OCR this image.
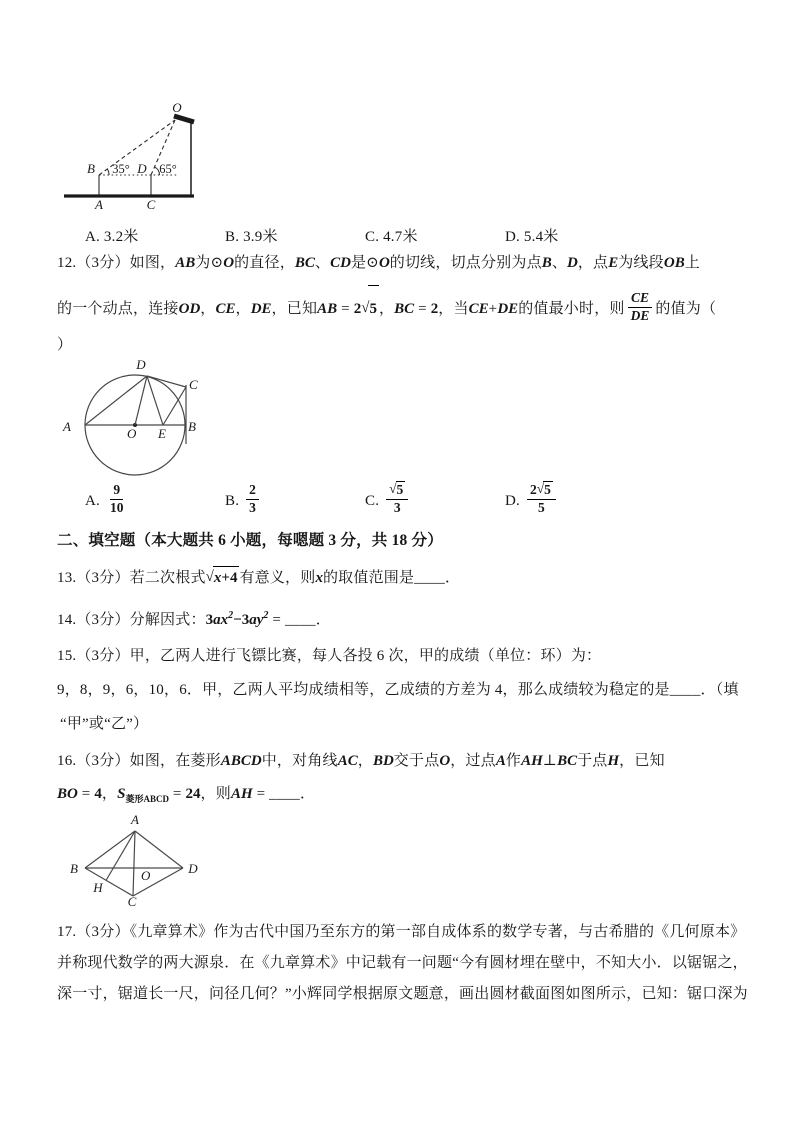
O
B 35° D 65°
A	C
A. 3.2米	B. 3.9米	C. 4.7米	D. 5.4米
12.（3分）如图，AB为⊙O的直径，BC、CD是⊙O的切线，切点分别为点B、D，点E为线段OB上
的一个动点，连接OD，CE，DE，已知AB = 2√5 ，BC = 2，当CE+DE的值最小时，则 $\frac{CE}{DE}$ 的值为（
）
A	O E B
D
C
A. $\frac{9}{10}$	B. $\frac{2}{3}$	C. $\frac{√5}{3}$	D. $\frac{2√5}{5}$
二、填空题（本大题共 6 小题，每嗯题 3 分，共 18 分）
13.（3分）若二次根式√x+4 有意义，则x的取值范围是____．
14.（3分）分解因式：$3ax^2-3ay^2$ = ____．
15.（3分）甲，乙两人进行飞镖比赛，每人各投 6 次，甲的成绩（单位：环）为：
9，8，9，6，10，6．甲，乙两人平均成绩相等，乙成绩的方差为 4，那么成绩较为稳定的是____．（填
“甲”或“乙”）
16.（3分）如图，在菱形ABCD中，对角线AC，BD交于点O，过点A作AH⊥BC于点H，已知
BO = 4，$S_{菱形ABCD} = 24$，则AH = ____．
A
B	D
O
H
C
17.（3分）《九章算术》作为古代中国乃至东方的第一部自成体系的数学专著，与古希腊的《几何原本》
并称现代数学的两大源泉．在《九章算术》中记载有一问题“今有圆材埋在壁中，不知大小．以锯锯之，
深一寸，锯道长一尺，问径几何？”小辉同学根据原文题意，画出圆材截面图如图所示，已知：锯口深为
